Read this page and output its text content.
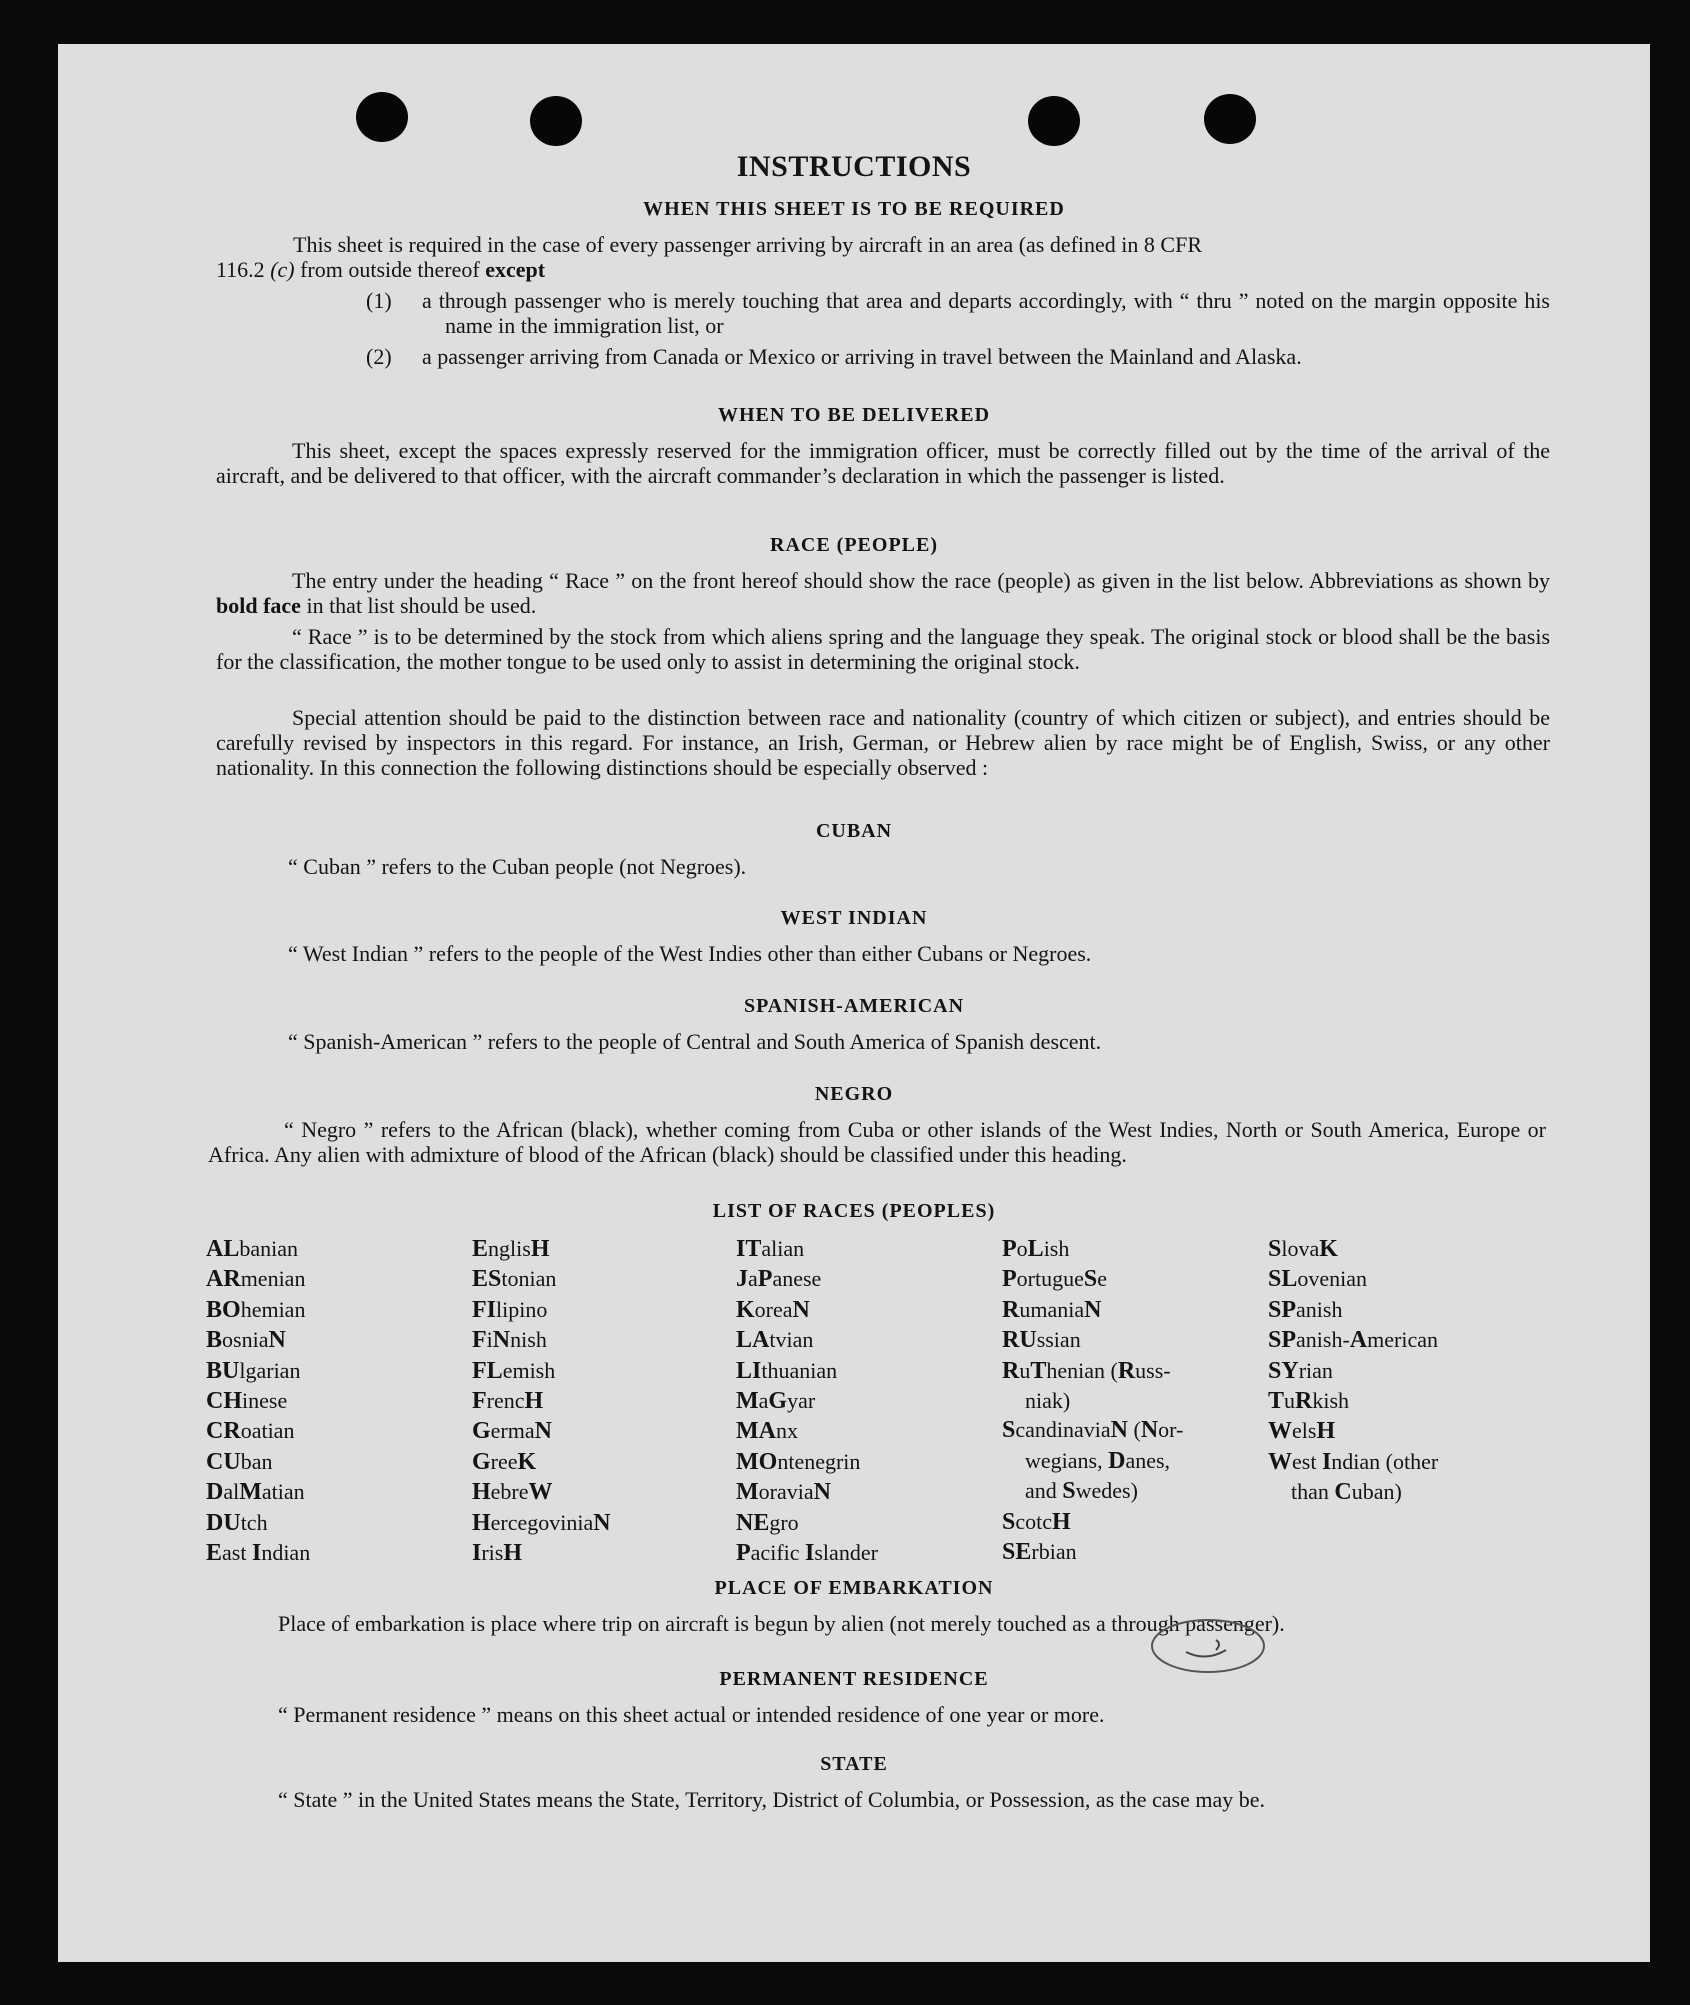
INSTRUCTIONS
WHEN THIS SHEET IS TO BE REQUIRED
This sheet is required in the case of every passenger arriving by aircraft in an area (as defined in 8 CFR
116.2 (c) from outside thereof except
(1) a through passenger who is merely touching that area and departs accordingly, with “ thru ” noted on the margin opposite his name in the immigration list, or
(2) a passenger arriving from Canada or Mexico or arriving in travel between the Mainland and Alaska.
WHEN TO BE DELIVERED
This sheet, except the spaces expressly reserved for the immigration officer, must be correctly filled out by the time of the arrival of the aircraft, and be delivered to that officer, with the aircraft commander’s declaration in which the passenger is listed.
RACE (PEOPLE)
The entry under the heading “ Race ” on the front hereof should show the race (people) as given in the list below. Abbreviations as shown by bold face in that list should be used.
“ Race ” is to be determined by the stock from which aliens spring and the language they speak. The original stock or blood shall be the basis for the classification, the mother tongue to be used only to assist in determining the original stock.
Special attention should be paid to the distinction between race and nationality (country of which citizen or subject), and entries should be carefully revised by inspectors in this regard. For instance, an Irish, German, or Hebrew alien by race might be of English, Swiss, or any other nationality. In this connection the following distinctions should be especially observed :
CUBAN
“ Cuban ” refers to the Cuban people (not Negroes).
WEST INDIAN
“ West Indian ” refers to the people of the West Indies other than either Cubans or Negroes.
SPANISH-AMERICAN
“ Spanish-American ” refers to the people of Central and South America of Spanish descent.
NEGRO
“ Negro ” refers to the African (black), whether coming from Cuba or other islands of the West Indies, North or South America, Europe or Africa. Any alien with admixture of blood of the African (black) should be classified under this heading.
LIST OF RACES (PEOPLES)
ALbanian
ARmenian
BOhemian
BosniaN
BUlgarian
CHinese
CRoatian
CUban
DalMatian
DUtch
East Indian
EnglisH
EStonian
FIlipino
FiNnish
FLemish
FrencH
GermaN
GreeK
HebreW
HercegoviniaN
IrisH
ITalian
JaPanese
KoreaN
LAtvian
LIthuanian
MaGyar
MAnx
MOntenegrin
MoraviaN
NEgro
Pacific Islander
PoLish
PortugueSe
RumaniaN
RUssian
RuThenian (Russ-
niak)
ScandinaviaN (Nor-
wegians, Danes,
and Swedes)
ScotcH
SErbian
SlovaK
SLovenian
SPanish
SPanish-American
SYrian
TuRkish
WelsH
West Indian (other
than Cuban)
PLACE OF EMBARKATION
Place of embarkation is place where trip on aircraft is begun by alien (not merely touched as a through passenger).
PERMANENT RESIDENCE
“ Permanent residence ” means on this sheet actual or intended residence of one year or more.
STATE
“ State ” in the United States means the State, Territory, District of Columbia, or Possession, as the case may be.
